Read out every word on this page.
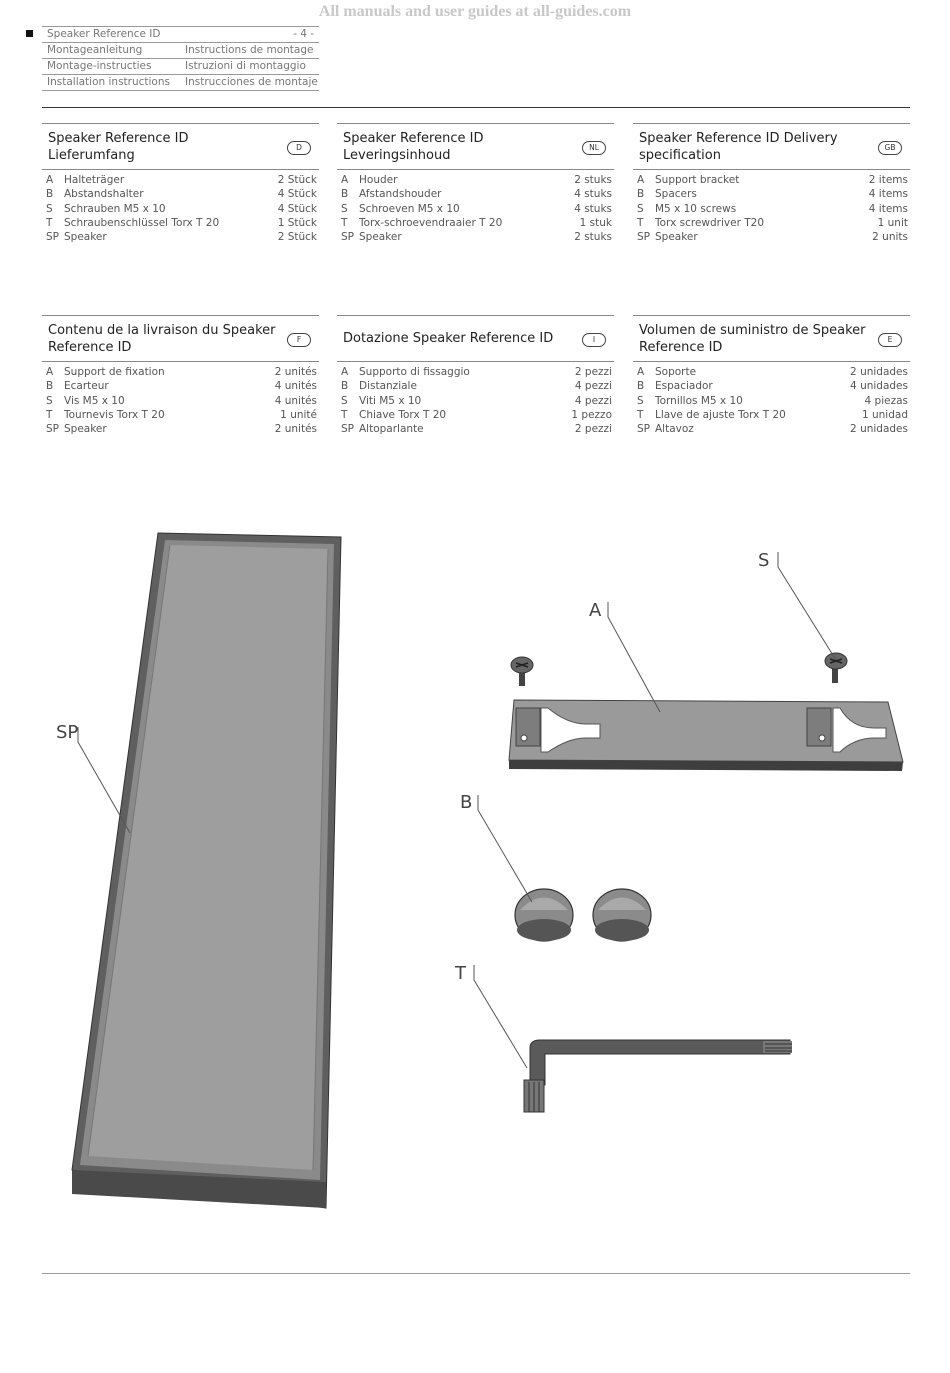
All manuals and user guides at all-guides.com
Speaker Reference ID	- 4 -
Montageanleitung	Instructions de montage
Montage-instructies	Istruzioni di montaggio
Installation instructions	Instrucciones de montaje
Speaker Reference ID Lieferumfang
D
A	Halteträger	2 Stück
B	Abstandshalter	4 Stück
S	Schrauben M5 x 10	4 Stück
T	Schraubenschlüssel Torx T 20	1 Stück
SP Speaker	2 Stück
Speaker Reference ID Leveringsinhoud
NL
A	Houder	2 stuks
B	Afstandshouder	4 stuks
S	Schroeven M5 x 10	4 stuks
T	Torx-schroevendraaier T 20	1 stuk
SP Speaker	2 stuks
Speaker Reference ID Delivery specification
GB
A	Support bracket	2 items
B	Spacers	4 items
S	M5 x 10 screws	4 items
T	Torx screwdriver T20	1 unit
SP Speaker	2 units
Contenu de la livraison du Speaker Reference ID
F
A	Support de fixation	2 unités
B	Ecarteur	4 unités
S	Vis M5 x 10	4 unités
T	Tournevis Torx T 20	1 unité
SP Speaker	2 unités
Dotazione Speaker Reference ID	I
A	Supporto di fissaggio	2 pezzi
B	Distanziale	4 pezzi
S	Viti M5 x 10	4 pezzi
T	Chiave Torx T 20	1 pezzo
SP Altoparlante	2 pezzi
Volumen de suministro de Speaker Reference ID
E
A	Soporte	2 unidades
B	Espaciador	4 unidades
S	Tornillos M5 x 10	4 piezas
T	Llave de ajuste Torx T 20	1 unidad
SP Altavoz	2 unidades
SP
A
S
B
T
